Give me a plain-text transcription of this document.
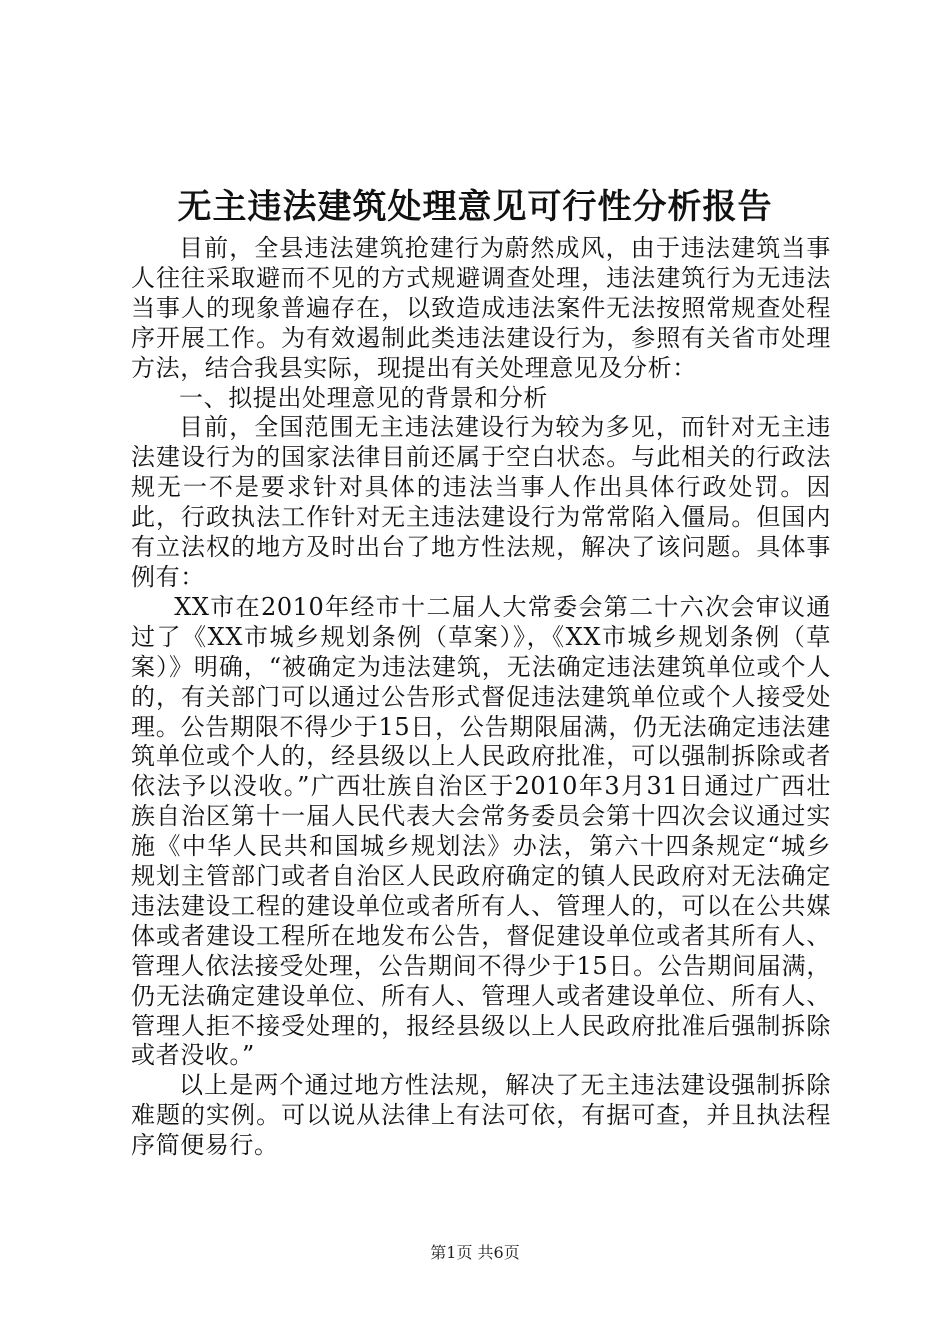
无主违法建筑处理意见可行性分析报告

目前，全县违法建筑抢建行为蔚然成风，由于违法建筑当事人往往采取避而不见的方式规避调查处理，违法建筑行为无违法当事人的现象普遍存在，以致造成违法案件无法按照常规查处程序开展工作。为有效遏制此类违法建设行为，参照有关省市处理方法，结合我县实际，现提出有关处理意见及分析：

一、拟提出处理意见的背景和分析

目前，全国范围无主违法建设行为较为多见，而针对无主违法建设行为的国家法律目前还属于空白状态。与此相关的行政法规无一不是要求针对具体的违法当事人作出具体行政处罚。因此，行政执法工作针对无主违法建设行为常常陷入僵局。但国内有立法权的地方及时出台了地方性法规，解决了该问题。具体事例有：

XX市在2010年经市十二届人大常委会第二十六次会审议通过了《XX市城乡规划条例（草案）》，《XX市城乡规划条例（草案）》明确，“被确定为违法建筑，无法确定违法建筑单位或个人的，有关部门可以通过公告形式督促违法建筑单位或个人接受处理。公告期限不得少于15日，公告期限届满，仍无法确定违法建筑单位或个人的，经县级以上人民政府批准，可以强制拆除或者依法予以没收。”广西壮族自治区于2010年3月31日通过广西壮族自治区第十一届人民代表大会常务委员会第十四次会议通过实施《中华人民共和国城乡规划法》办法，第六十四条规定“城乡规划主管部门或者自治区人民政府确定的镇人民政府对无法确定违法建设工程的建设单位或者所有人、管理人的，可以在公共媒体或者建设工程所在地发布公告，督促建设单位或者其所有人、管理人依法接受处理，公告期间不得少于15日。公告期间届满，仍无法确定建设单位、所有人、管理人或者建设单位、所有人、管理人拒不接受处理的，报经县级以上人民政府批准后强制拆除或者没收。”

以上是两个通过地方性法规，解决了无主违法建设强制拆除难题的实例。可以说从法律上有法可依，有据可查，并且执法程序简便易行。

第1页 共6页
